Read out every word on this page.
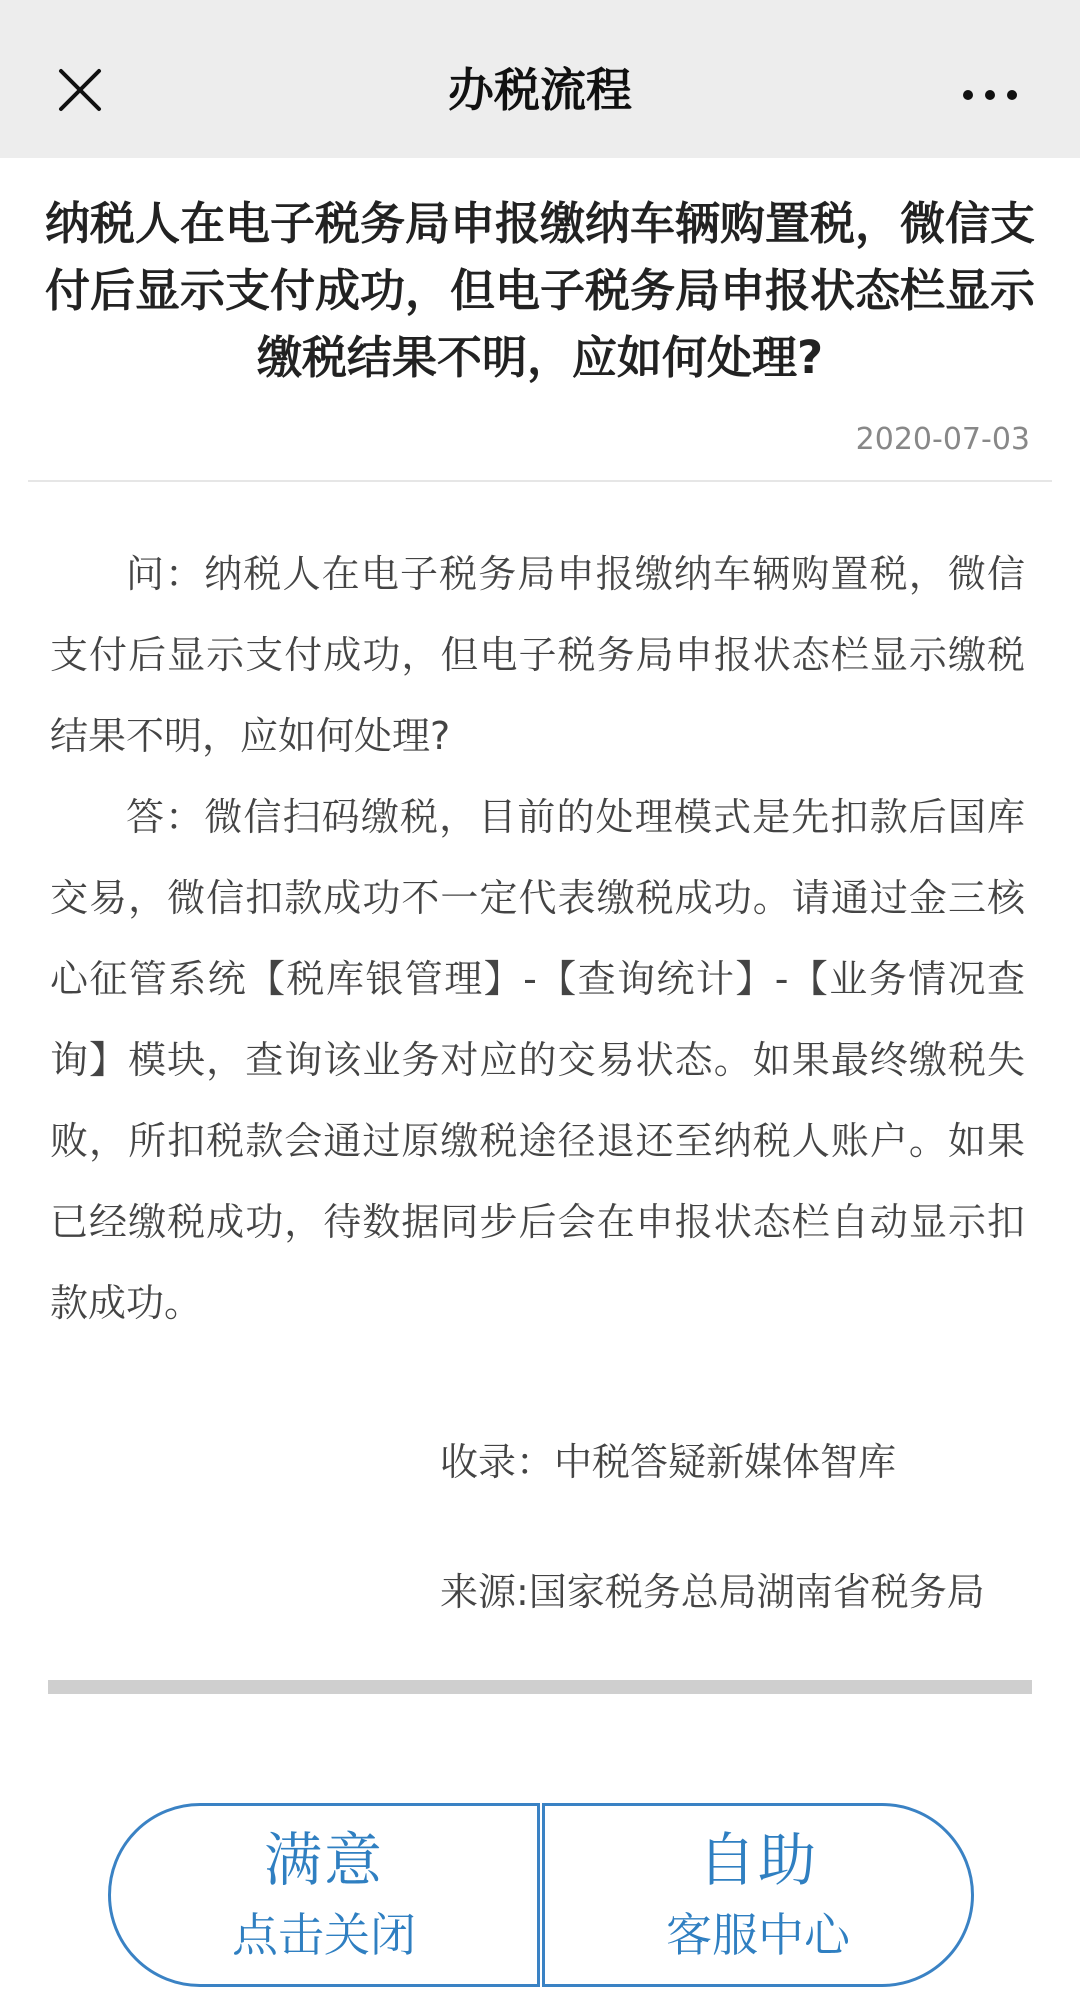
办税流程
纳税人在电子税务局申报缴纳车辆购置税，微信支付后显示支付成功，但电子税务局申报状态栏显示缴税结果不明，应如何处理?
2020-07-03

问：纳税人在电子税务局申报缴纳车辆购置税，微信支付后显示支付成功，但电子税务局申报状态栏显示缴税结果不明，应如何处理?

答：微信扫码缴税，目前的处理模式是先扣款后国库交易，微信扣款成功不一定代表缴税成功。请通过金三核心征管系统【税库银管理】-【查询统计】-【业务情况查询】模块，查询该业务对应的交易状态。如果最终缴税失败，所扣税款会通过原缴税途径退还至纳税人账户。如果已经缴税成功，待数据同步后会在申报状态栏自动显示扣款成功。

收录：中税答疑新媒体智库
来源:国家税务总局湖南省税务局
满意
点击关闭
自助
客服中心
